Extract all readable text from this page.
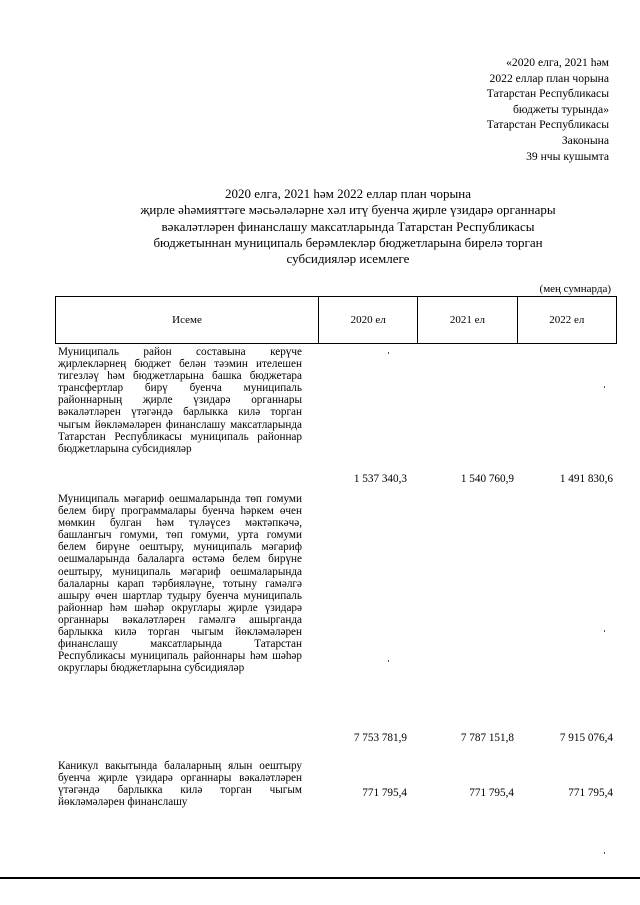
«2020 елга, 2021 һәм
2022 еллар план чорына
Татарстан Республикасы
бюджеты турында»
Татарстан Республикасы
Законына
39 нчы кушымта
2020 елга, 2021 һәм 2022 еллар план чорына
җирле әһәмияттәге мәсьәләләрне хәл итү буенча җирле үзидарә органнары
вәкаләтләрен финанслашу максатларында Татарстан Республикасы
бюджетыннан муниципаль берәмлекләр бюджетларына бирелә торган
субсидияләр исемлеге
(мең сумнарда)
Исеме	2020 ел	2021 ел	2022 ел
Муниципаль район составына керүче җирлекләрнең бюджет белән тәэмин ителешен тигезләү һәм бюджетларына башка бюджетара трансфертлар бирү буенча муниципаль районнарның җирле үзидарә органнары вәкаләтләрен үтәгәндә барлыкка килә торган чыгым йөкләмәләрен финанслашу максатларында Татарстан Республикасы муниципаль районнар бюджетларына субсидияләр
1 537 340,3	1 540 760,9	1 491 830,6
Муниципаль мәгариф оешмаларында төп гомуми белем бирү программалары буенча һәркем өчен мөмкин булган һәм түләүсез мәктәпкәчә, башлангыч гомуми, төп гомуми, урта гомуми белем бирүне оештыру, муниципаль мәгариф оешмаларында балаларга өстәмә белем бирүне оештыру, муниципаль мәгариф оешмаларында балаларны карап тәрбияләүне, тотыну гамәлгә ашыру өчен шартлар тудыру буенча муниципаль районнар һәм шәһәр округлары җирле үзидарә органнары вәкаләтләрен гамәлгә ашырганда барлыкка килә торган чыгым йөкләмәләрен финанслашу максатларында Татарстан Республикасы муниципаль районнары һәм шәһәр округлары бюджетларына субсидияләр
7 753 781,9	7 787 151,8	7 915 076,4
Каникул вакытында балаларның ялын оештыру буенча җирле үзидарә органнары вәкаләтләрен үтәгәндә барлыкка килә торган чыгым йөкләмәләрен финанслашу
771 795,4	771 795,4	771 795,4
